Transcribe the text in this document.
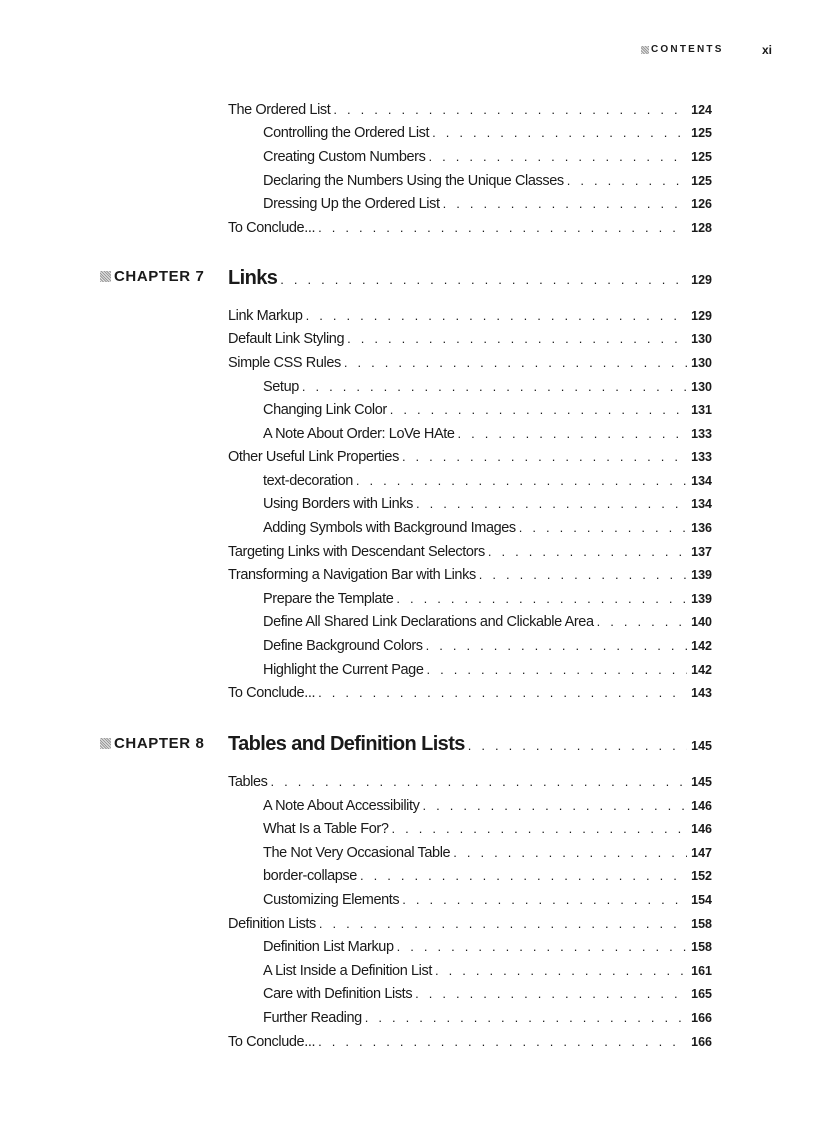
CONTENTS	xi
The Ordered List . . .	124
Controlling the Ordered List . . .	125
Creating Custom Numbers . . .	125
Declaring the Numbers Using the Unique Classes . . .	125
Dressing Up the Ordered List . . .	126
To Conclude... . . .	128
CHAPTER 7 Links . . .	129
Link Markup . . .	129
Default Link Styling . . .	130
Simple CSS Rules . . .	130
Setup . . .	130
Changing Link Color . . .	131
A Note About Order: LoVe HAte . . .	133
Other Useful Link Properties . . .	133
text-decoration . . .	134
Using Borders with Links . . .	134
Adding Symbols with Background Images . . .	136
Targeting Links with Descendant Selectors . . .	137
Transforming a Navigation Bar with Links . . .	139
Prepare the Template . . .	139
Define All Shared Link Declarations and Clickable Area . . .	140
Define Background Colors . . .	142
Highlight the Current Page . . .	142
To Conclude... . . .	143
CHAPTER 8 Tables and Definition Lists . . .	145
Tables . . .	145
A Note About Accessibility . . .	146
What Is a Table For? . . .	146
The Not Very Occasional Table . . .	147
border-collapse . . .	152
Customizing Elements . . .	154
Definition Lists . . .	158
Definition List Markup . . .	158
A List Inside a Definition List . . .	161
Care with Definition Lists . . .	165
Further Reading . . .	166
To Conclude... . . .	166
